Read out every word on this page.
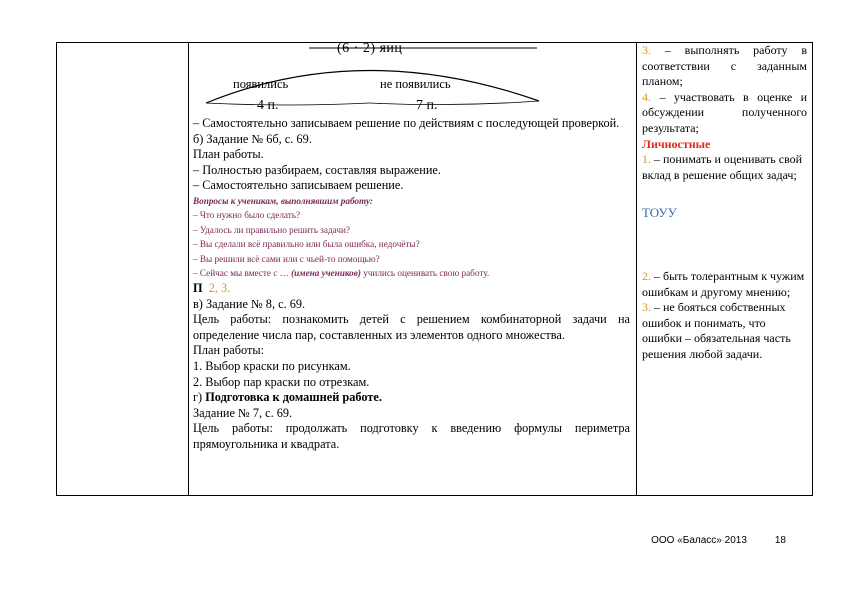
(6 · 2) яиц
появились	не появились
4 п.	7 п.
– Самостоятельно записываем решение по действиям с последующей проверкой.
б) Задание № 6б, с. 69.
План работы.
– Полностью разбираем, составляя выражение.
– Самостоятельно записываем решение.
Вопросы к ученикам, выполнявшим работу:
– Что нужно было сделать?
– Удалось ли правильно решить задачи?
– Вы сделали всё правильно или была ошибка, недочёты?
– Вы решили всё сами или с чьей-то помощью?
– Сейчас мы вместе с … (имена учеников) учились оценивать свою работу.
П 2, 3.
в) Задание № 8, с. 69.
Цель работы: познакомить детей с решением комбинаторной задачи на определение числа пар, составленных из элементов одного множества.
План работы:
1. Выбор краски по рисункам.
2. Выбор пар краски по отрезкам.
г) Подготовка к домашней работе.
Задание № 7, с. 69.
Цель работы: продолжать подготовку к введению формулы периметра прямоугольника и квадрата.

3. – выполнять работу в соответствии с заданным планом;
4. – участвовать в оценке и обсуждении полученного результата;
Личностные
1. – понимать и оценивать свой вклад в решение общих задач;
ТОУУ
2. – быть толерантным к чужим ошибкам и другому мнению;
3. – не бояться собственных ошибок и понимать, что ошибки – обязательная часть решения любой задачи.
ООО «Баласс» 2013	18
